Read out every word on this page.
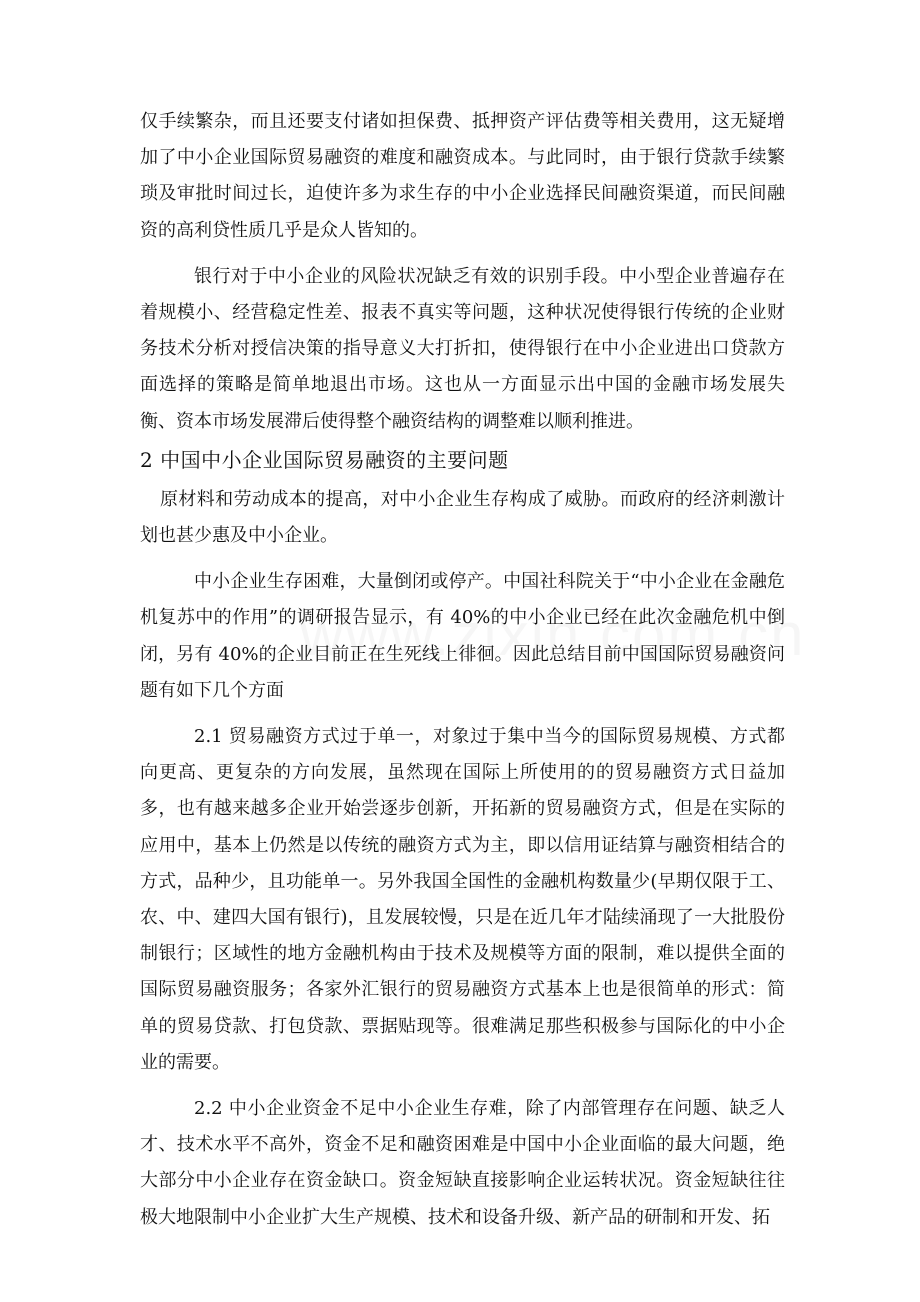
仅手续繁杂，而且还要支付诸如担保费、抵押资产评估费等相关费用，这无疑增加了中小企业国际贸易融资的难度和融资成本。与此同时，由于银行贷款手续繁琐及审批时间过长，迫使许多为求生存的中小企业选择民间融资渠道，而民间融资的高利贷性质几乎是众人皆知的。

银行对于中小企业的风险状况缺乏有效的识别手段。中小型企业普遍存在着规模小、经营稳定性差、报表不真实等问题，这种状况使得银行传统的企业财务技术分析对授信决策的指导意义大打折扣，使得银行在中小企业进出口贷款方面选择的策略是简单地退出市场。这也从一方面显示出中国的金融市场发展失衡、资本市场发展滞后使得整个融资结构的调整难以顺利推进。

2 中国中小企业国际贸易融资的主要问题

原材料和劳动成本的提高，对中小企业生存构成了威胁。而政府的经济刺激计划也甚少惠及中小企业。

中小企业生存困难，大量倒闭或停产。中国社科院关于“中小企业在金融危机复苏中的作用”的调研报告显示，有 40%的中小企业已经在此次金融危机中倒闭，另有 40%的企业目前正在生死线上徘徊。因此总结目前中国国际贸易融资问题有如下几个方面

2.1 贸易融资方式过于单一，对象过于集中当今的国际贸易规模、方式都向更高、更复杂的方向发展，虽然现在国际上所使用的的贸易融资方式日益加多，也有越来越多企业开始尝逐步创新，开拓新的贸易融资方式，但是在实际的应用中，基本上仍然是以传统的融资方式为主，即以信用证结算与融资相结合的方式，品种少，且功能单一。另外我国全国性的金融机构数量少(早期仅限于工、农、中、建四大国有银行)，且发展较慢，只是在近几年才陆续涌现了一大批股份制银行；区域性的地方金融机构由于技术及规模等方面的限制，难以提供全面的国际贸易融资服务；各家外汇银行的贸易融资方式基本上也是很简单的形式：简单的贸易贷款、打包贷款、票据贴现等。很难满足那些积极参与国际化的中小企业的需要。

2.2 中小企业资金不足中小企业生存难，除了内部管理存在问题、缺乏人才、技术水平不高外，资金不足和融资困难是中国中小企业面临的最大问题，绝大部分中小企业存在资金缺口。资金短缺直接影响企业运转状况。资金短缺往往极大地限制中小企业扩大生产规模、技术和设备升级、新产品的研制和开发、拓
